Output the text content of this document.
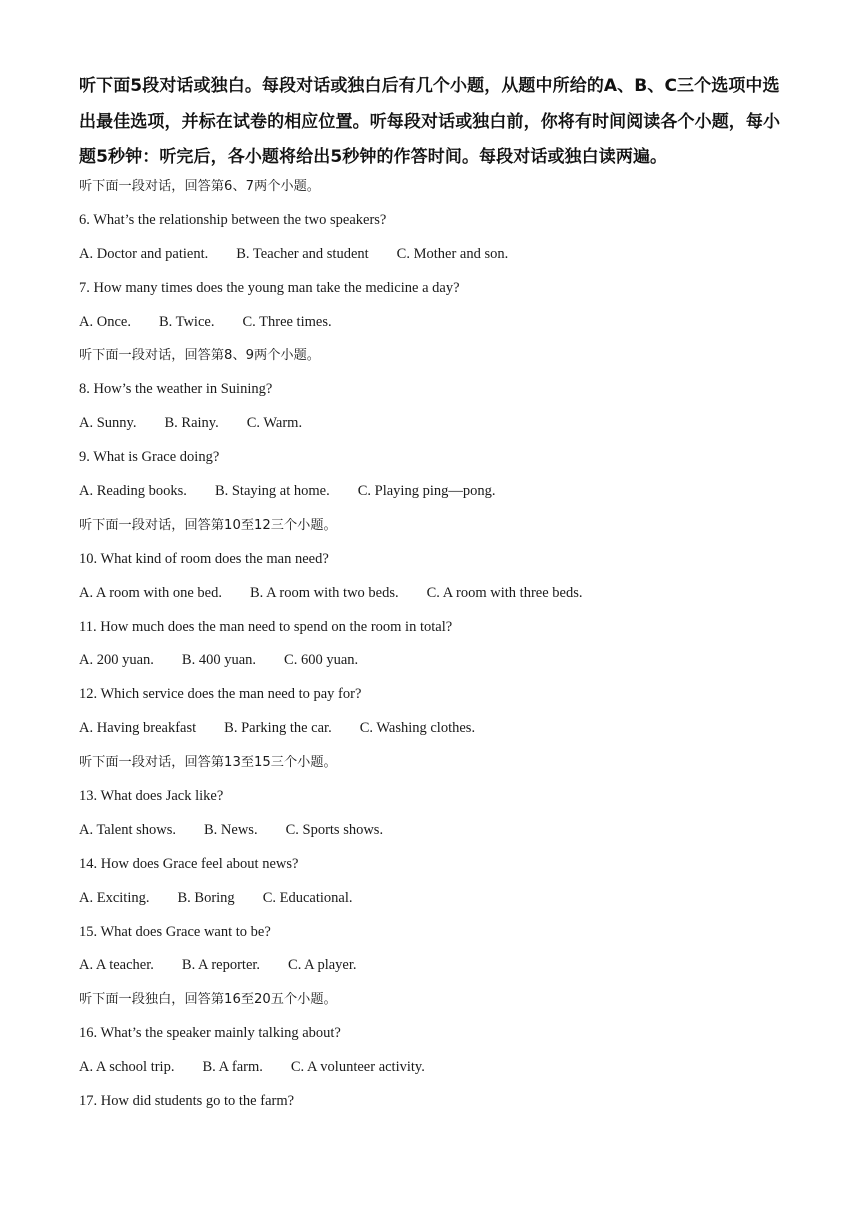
听下面5段对话或独白。每段对话或独白后有几个小题，从题中所给的A、B、C三个选项中选出最佳选项，并标在试卷的相应位置。听每段对话或独白前，你将有时间阅读各个小题，每小题5秒钟：听完后，各小题将给出5秒钟的作答时间。每段对话或独白读两遍。

听下面一段对话，回答第6、7两个小题。
6. What’s the relationship between the two speakers?
A. Doctor and patient. B. Teacher and student C. Mother and son.
7. How many times does the young man take the medicine a day?
A. Once. B. Twice. C. Three times.
听下面一段对话，回答第8、9两个小题。
8. How’s the weather in Suining?
A. Sunny. B. Rainy. C. Warm.
9. What is Grace doing?
A. Reading books. B. Staying at home. C. Playing ping—pong.
听下面一段对话，回答第10至12三个小题。
10. What kind of room does the man need?
A. A room with one bed. B. A room with two beds. C. A room with three beds.
11. How much does the man need to spend on the room in total?
A. 200 yuan. B. 400 yuan. C. 600 yuan.
12. Which service does the man need to pay for?
A. Having breakfast B. Parking the car. C. Washing clothes.
听下面一段对话，回答第13至15三个小题。
13. What does Jack like?
A. Talent shows. B. News. C. Sports shows.
14. How does Grace feel about news?
A. Exciting. B. Boring C. Educational.
15. What does Grace want to be?
A. A teacher. B. A reporter. C. A player.
听下面一段独白，回答第16至20五个小题。
16. What’s the speaker mainly talking about?
A. A school trip. B. A farm. C. A volunteer activity.
17. How did students go to the farm?
